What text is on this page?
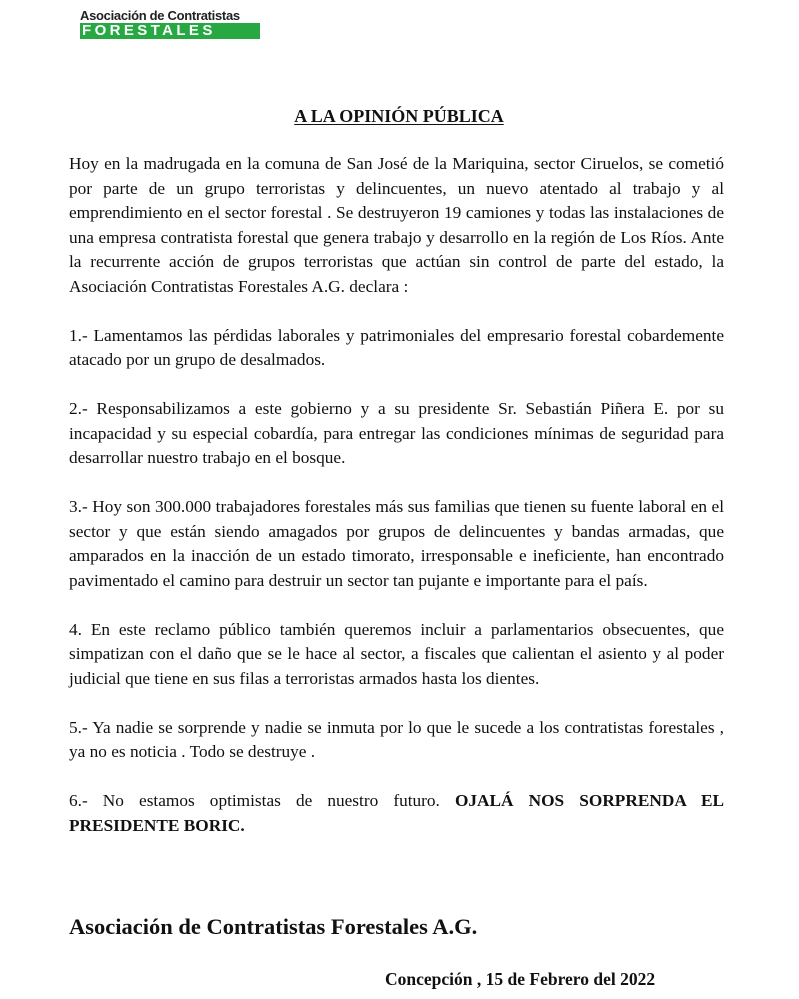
Asociación de Contratistas
FORESTALES
A LA OPINIÓN PÚBLICA

Hoy en la madrugada en la comuna de San José de la Mariquina, sector Ciruelos, se cometió por parte de un grupo terroristas y delincuentes, un nuevo atentado al trabajo y al emprendimiento en el sector forestal . Se destruyeron 19 camiones y todas las instalaciones de una empresa contratista forestal que genera trabajo y desarrollo en la región de Los Ríos. Ante la recurrente acción de grupos terroristas que actúan sin control de parte del estado, la Asociación Contratistas Forestales A.G. declara :

1.- Lamentamos las pérdidas laborales y patrimoniales del empresario forestal cobardemente atacado por un grupo de desalmados.

2.- Responsabilizamos a este gobierno y a su presidente Sr. Sebastián Piñera E. por su incapacidad y su especial cobardía, para entregar las condiciones mínimas de seguridad para desarrollar nuestro trabajo en el bosque.

3.- Hoy son 300.000 trabajadores forestales más sus familias que tienen su fuente laboral en el sector y que están siendo amagados por grupos de delincuentes y bandas armadas, que amparados en la inacción de un estado timorato, irresponsable e ineficiente, han encontrado pavimentado el camino para destruir un sector tan pujante e importante para el país.

4. En este reclamo público también queremos incluir a parlamentarios obsecuentes, que simpatizan con el daño que se le hace al sector, a fiscales que calientan el asiento y al poder judicial que tiene en sus filas a terroristas armados hasta los dientes.

5.- Ya nadie se sorprende y nadie se inmuta por lo que le sucede a los contratistas forestales , ya no es noticia . Todo se destruye .

6.- No estamos optimistas de nuestro futuro. OJALÁ NOS SORPRENDA EL PRESIDENTE BORIC.

Asociación de Contratistas Forestales A.G.
Concepción , 15 de Febrero del 2022
